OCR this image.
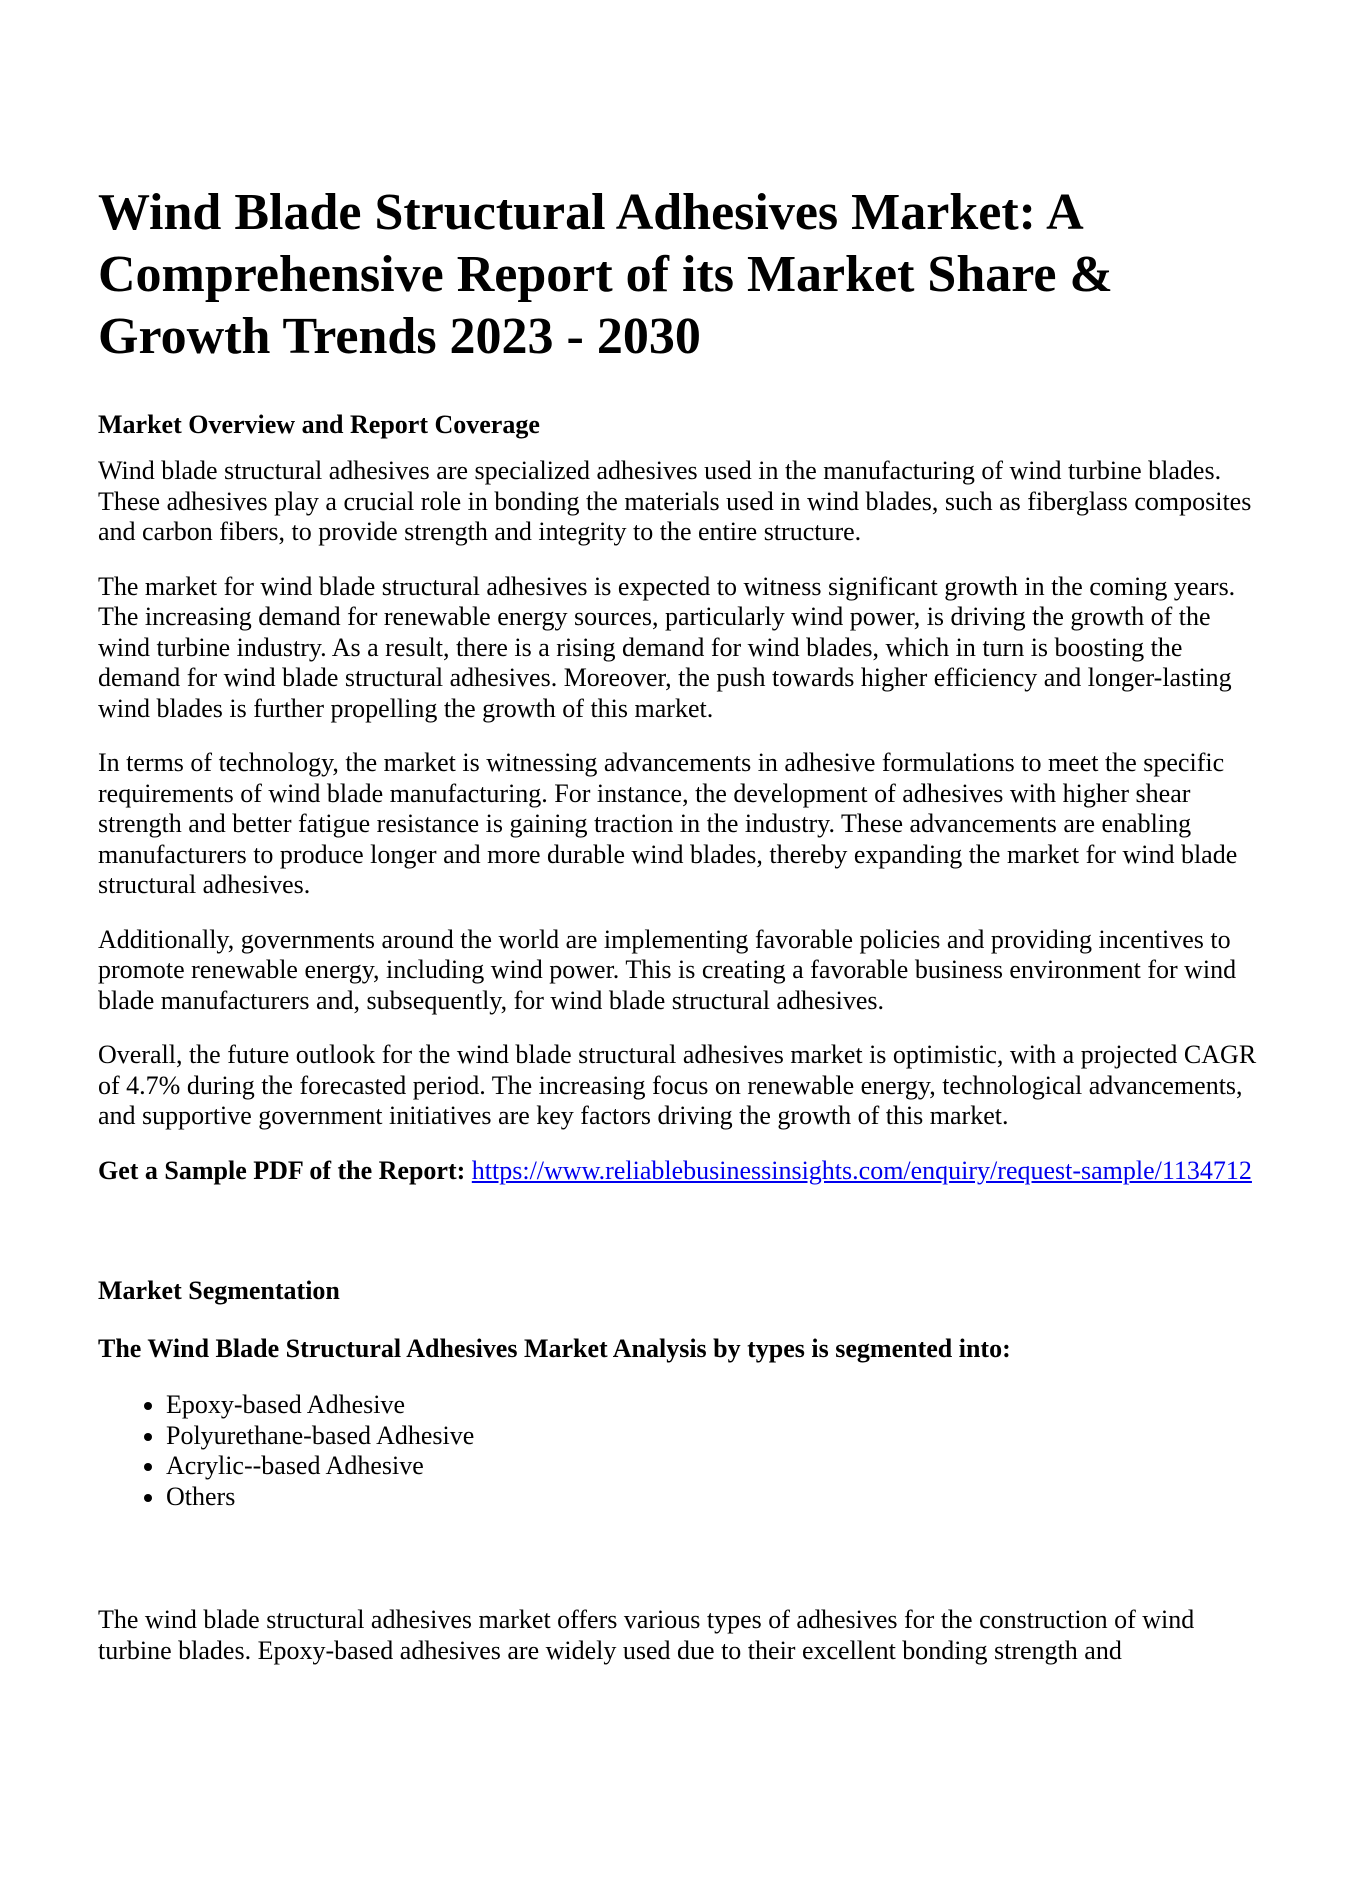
Wind Blade Structural Adhesives Market: A Comprehensive Report of its Market Share & Growth Trends 2023 - 2030
Market Overview and Report Coverage

Wind blade structural adhesives are specialized adhesives used in the manufacturing of wind turbine blades. These adhesives play a crucial role in bonding the materials used in wind blades, such as fiberglass composites and carbon fibers, to provide strength and integrity to the entire structure.

The market for wind blade structural adhesives is expected to witness significant growth in the coming years. The increasing demand for renewable energy sources, particularly wind power, is driving the growth of the wind turbine industry. As a result, there is a rising demand for wind blades, which in turn is boosting the demand for wind blade structural adhesives. Moreover, the push towards higher efficiency and longer-lasting wind blades is further propelling the growth of this market.

In terms of technology, the market is witnessing advancements in adhesive formulations to meet the specific requirements of wind blade manufacturing. For instance, the development of adhesives with higher shear strength and better fatigue resistance is gaining traction in the industry. These advancements are enabling manufacturers to produce longer and more durable wind blades, thereby expanding the market for wind blade structural adhesives.

Additionally, governments around the world are implementing favorable policies and providing incentives to promote renewable energy, including wind power. This is creating a favorable business environment for wind blade manufacturers and, subsequently, for wind blade structural adhesives.

Overall, the future outlook for the wind blade structural adhesives market is optimistic, with a projected CAGR of 4.7% during the forecasted period. The increasing focus on renewable energy, technological advancements, and supportive government initiatives are key factors driving the growth of this market.

Get a Sample PDF of the Report: https://www.reliablebusinessinsights.com/enquiry/request-sample/1134712

Market Segmentation
The Wind Blade Structural Adhesives Market Analysis by types is segmented into:
• Epoxy-based Adhesive
• Polyurethane-based Adhesive
• Acrylic--based Adhesive
• Others

The wind blade structural adhesives market offers various types of adhesives for the construction of wind turbine blades. Epoxy-based adhesives are widely used due to their excellent bonding strength and
